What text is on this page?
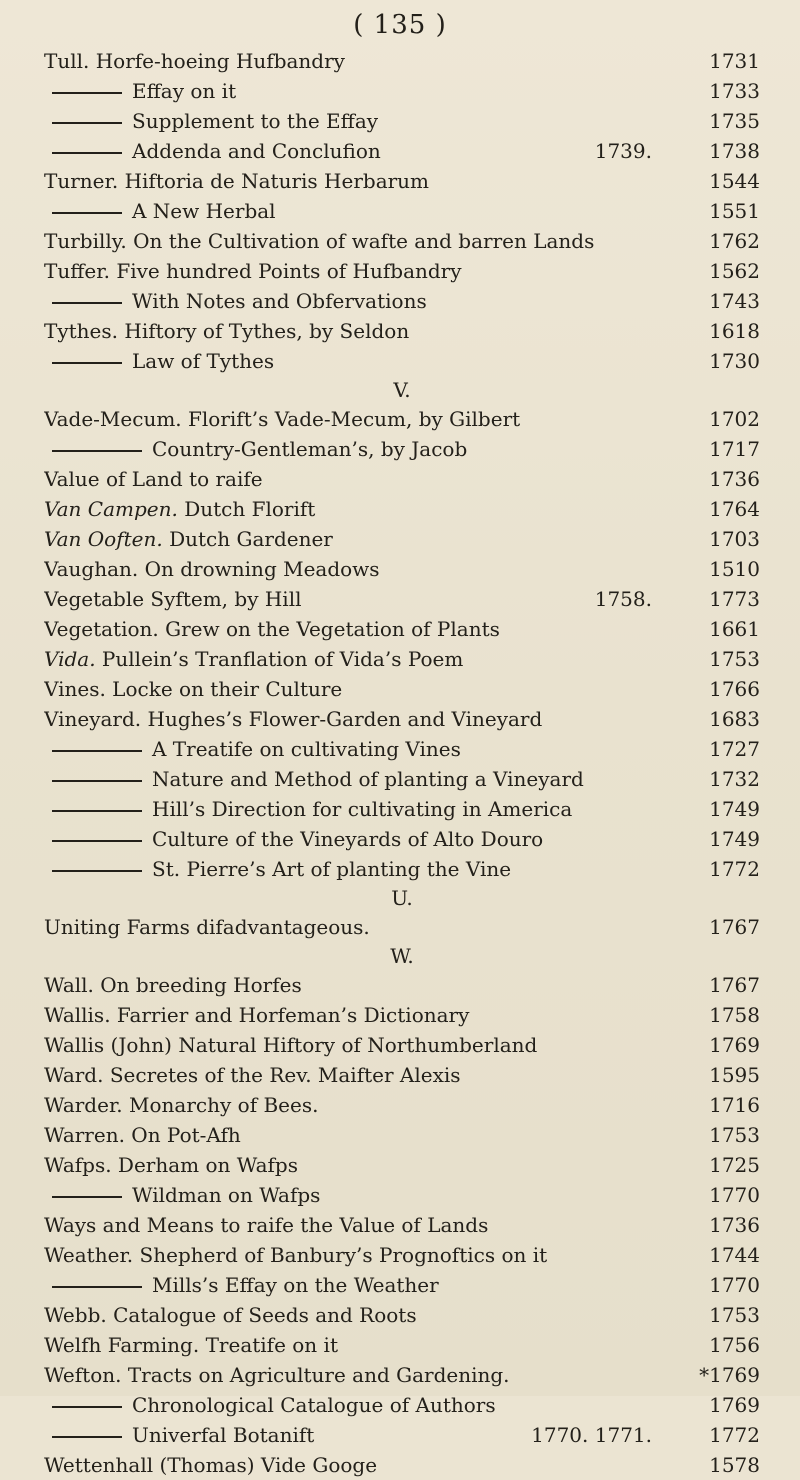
( 135 )
Tull. Horfe-hoeing Hufbandry	1731
Effay on it	1733
Supplement to the Effay	1735
Addenda and Conclufion	1739.	1738
Turner. Hiftoria de Naturis Herbarum	1544
A New Herbal	1551
Turbilly. On the Cultivation of wafte and barren Lands	1762
Tuffer. Five hundred Points of Hufbandry	1562
With Notes and Obfervations	1743
Tythes. Hiftory of Tythes, by Seldon	1618
Law of Tythes	1730
V.
Vade-Mecum. Florift’s Vade-Mecum, by Gilbert	1702
Country-Gentleman’s, by Jacob	1717
Value of Land to raife	1736
Van Campen. Dutch Florift	1764
Van Ooften. Dutch Gardener	1703
Vaughan. On drowning Meadows	1510
Vegetable Syftem, by Hill	1758.	1773
Vegetation. Grew on the Vegetation of Plants	1661
Vida. Pullein’s Tranflation of Vida’s Poem	1753
Vines. Locke on their Culture	1766
Vineyard. Hughes’s Flower-Garden and Vineyard	1683
A Treatife on cultivating Vines	1727
Nature and Method of planting a Vineyard	1732
Hill’s Direction for cultivating in America	1749
Culture of the Vineyards of Alto Douro	1749
St. Pierre’s Art of planting the Vine	1772
U.
Uniting Farms difadvantageous.	1767
W.
Wall. On breeding Horfes	1767
Wallis. Farrier and Horfeman’s Dictionary	1758
Wallis (John) Natural Hiftory of Northumberland	1769
Ward. Secretes of the Rev. Maifter Alexis	1595
Warder. Monarchy of Bees.	1716
Warren. On Pot-Afh	1753
Wafps. Derham on Wafps	1725
Wildman on Wafps	1770
Ways and Means to raife the Value of Lands	1736
Weather. Shepherd of Banbury’s Prognoftics on it	1744
Mills’s Effay on the Weather	1770
Webb. Catalogue of Seeds and Roots	1753
Welfh Farming. Treatife on it	1756
Wefton. Tracts on Agriculture and Gardening.	*1769
Chronological Catalogue of Authors	1769
Univerfal Botanift	1770. 1771.	1772
Wettenhall (Thomas) Vide Googe	1578
